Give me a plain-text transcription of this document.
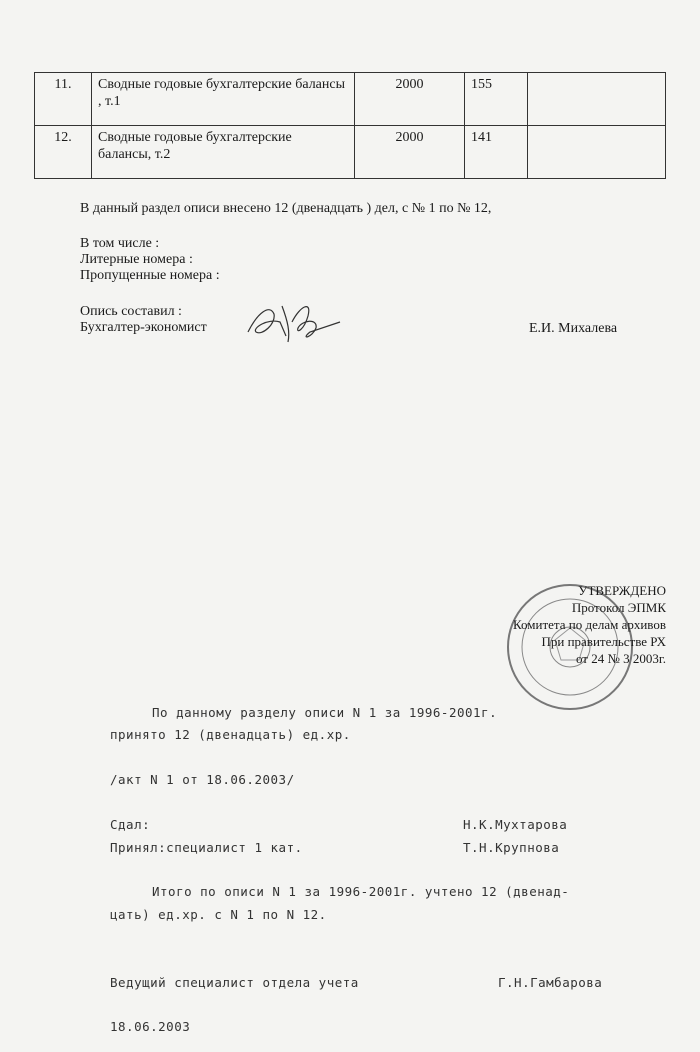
11.	Сводные годовые бухгалтерские балансы , т.1	2000	155	
12.	Сводные годовые бухгалтерские балансы, т.2	2000	141	
В данный раздел описи внесено 12 (двенадцать ) дел, с № 1 по № 12,
В том числе :
Литерные номера :
Пропущенные номера :
Опись составил :
Бухгалтер-экономист	Е.И. Михалева
УТВЕРЖДЕНО
Протокол ЭПМК
Комитета по делам архивов
При правительстве РХ
от 24 № 3 2003г.
По данному разделу описи N 1 за 1996-2001г.
принято 12 (двенадцать) ед.хр.
/акт N 1 от 18.06.2003/
Сдал:	Н.К.Мухтарова
Принял:специалист 1 кат.	Т.Н.Крупнова
Итого по описи N 1 за 1996-2001г. учтено 12 (двенад-
цать) ед.хр. с N 1 по N 12.
Ведущий специалист отдела учета	Г.Н.Гамбарова
18.06.2003
